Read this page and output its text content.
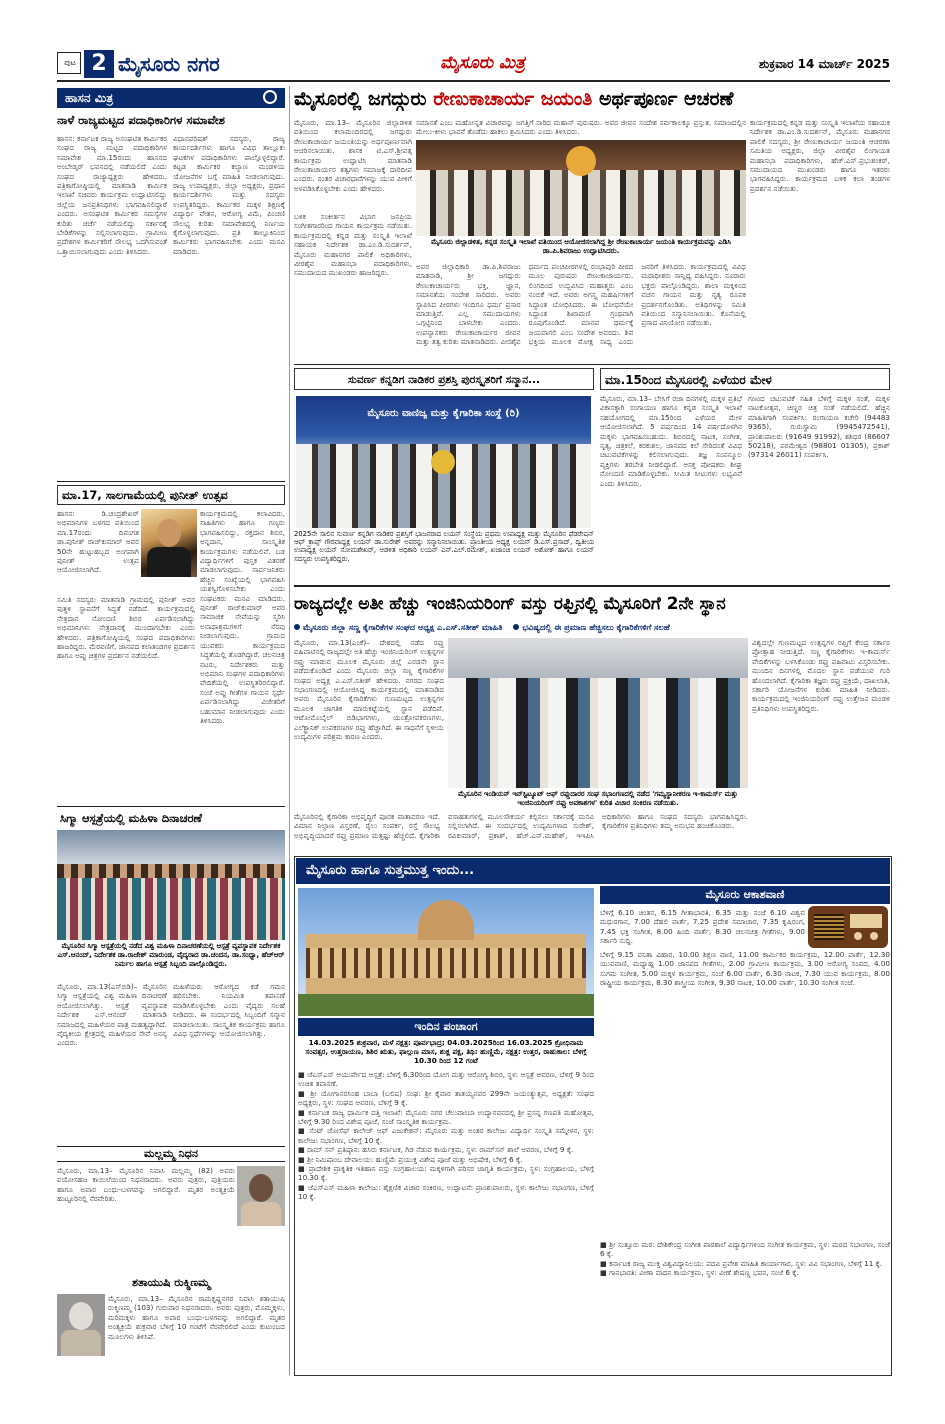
ಪುಟ 2 ಮೈಸೂರು ನಗರ	ಮೈಸೂರು ಮಿತ್ರ	ಶುಕ್ರವಾರ 14 ಮಾರ್ಚ್ 2025
ಹಾಸನ ಮಿತ್ರ
ನಾಳೆ ರಾಜ್ಯಮಟ್ಟದ ಪದಾಧಿಕಾರಿಗಳ ಸಮಾವೇಶ
ಹಾಸನ: ಕರ್ನಾಟಕ ರಾಜ್ಯ ಅಸಂಘಟಿತ ಕಾರ್ಮಿಕರ ಸಂಘದ ರಾಜ್ಯ ಮಟ್ಟದ ಪದಾಧಿಕಾರಿಗಳ ಸಮಾವೇಶ ಮಾ.15ರಂದು ಹಾಸನದ ಅಂಬೇಡ್ಕರ್ ಭವನದಲ್ಲಿ ನಡೆಯಲಿದೆ ಎಂದು ಸಂಘದ ರಾಜ್ಯಾಧ್ಯಕ್ಷರು ಹೇಳಿದರು. ಪತ್ರಿಕಾಗೋಷ್ಠಿಯಲ್ಲಿ ಮಾತನಾಡಿ ಕಾರ್ಮಿಕ ಇಲಾಖೆ ಸಚಿವರು ಕಾರ್ಯಕ್ರಮ ಉದ್ಘಾಟಿಸಲಿದ್ದು ಜಿಲ್ಲೆಯ ಜನಪ್ರತಿನಿಧಿಗಳು ಭಾಗವಹಿಸಲಿದ್ದಾರೆ ಎಂದರು. ಅಸಂಘಟಿತ ಕಾರ್ಮಿಕರ ಸಮಸ್ಯೆಗಳ ಕುರಿತು ಚರ್ಚೆ ನಡೆಯಲಿದ್ದು ಸರ್ಕಾರಕ್ಕೆ ಬೇಡಿಕೆಗಳನ್ನು ಸಲ್ಲಿಸಲಾಗುವುದು. ಗ್ರಾಮೀಣ ಪ್ರದೇಶಗಳ ಕಾರ್ಮಿಕರಿಗೆ ಸೌಲಭ್ಯ ಒದಗಿಸುವಂತೆ ಒತ್ತಾಯಿಸಲಾಗುವುದು ಎಂದು ತಿಳಿಸಿದರು.
ವಿಧಾನಪರಿಷತ್ ಸದಸ್ಯರು, ರಾಜ್ಯ ಕಾರ್ಯದರ್ಶಿಗಳು ಹಾಗೂ ವಿವಿಧ ತಾಲ್ಲೂಕು ಘಟಕಗಳ ಪದಾಧಿಕಾರಿಗಳು ಪಾಲ್ಗೊಳ್ಳಲಿದ್ದಾರೆ. ಕಟ್ಟಡ ಕಾರ್ಮಿಕರ ಕಲ್ಯಾಣ ಮಂಡಳಿಯ ಯೋಜನೆಗಳ ಬಗ್ಗೆ ಮಾಹಿತಿ ನೀಡಲಾಗುವುದು. ರಾಜ್ಯ ಉಪಾಧ್ಯಕ್ಷರು, ಜಿಲ್ಲಾ ಅಧ್ಯಕ್ಷರು, ಪ್ರಧಾನ ಕಾರ್ಯದರ್ಶಿಗಳು ಮತ್ತು ಸದಸ್ಯರು ಉಪಸ್ಥಿತರಿದ್ದರು. ಕಾರ್ಮಿಕರ ಮಕ್ಕಳ ಶಿಕ್ಷಣಕ್ಕೆ ವಿದ್ಯಾರ್ಥಿ ವೇತನ, ಆರೋಗ್ಯ ವಿಮೆ, ಪಿಂಚಣಿ ಸೌಲಭ್ಯ ಕುರಿತು ಸಮಾವೇಶದಲ್ಲಿ ನಿರ್ಣಯ ಕೈಗೊಳ್ಳಲಾಗುವುದು. ಪ್ರತಿ ತಾಲ್ಲೂಕಿನಿಂದ ಕಾರ್ಮಿಕರು ಭಾಗವಹಿಸಬೇಕು ಎಂದು ಮನವಿ ಮಾಡಿದರು.
ಮಾ.17, ಸಾಲಗಾಮೆಯಲ್ಲಿ ಪುನೀತ್ ಉತ್ಸವ
ಹಾಸನ: ಡಿ.ಚಂದ್ರಶೇಖರ್ ಅಭಿಮಾನಿಗಳ ಬಳಗದ ವತಿಯಿಂದ ಮಾ.17ರಂದು ದಿವಂಗತ ಡಾ.ಪುನೀತ್ ರಾಜ್‌ಕುಮಾರ್ ಅವರ 50ನೇ ಹುಟ್ಟುಹಬ್ಬದ ಅಂಗವಾಗಿ ಪುನೀತ್ ಉತ್ಸವ ಆಯೋಜಿಸಲಾಗಿದೆ.
ಕಾರ್ಯಕ್ರಮದಲ್ಲಿ ಕಲಾವಿದರು, ಸಾಹಿತಿಗಳು ಹಾಗೂ ಗಣ್ಯರು ಭಾಗವಹಿಸಲಿದ್ದು, ರಕ್ತದಾನ ಶಿಬಿರ, ಅನ್ನದಾನ, ಸಾಂಸ್ಕೃತಿಕ ಕಾರ್ಯಕ್ರಮಗಳು ನಡೆಯಲಿವೆ. ಬಡ ವಿದ್ಯಾರ್ಥಿಗಳಿಗೆ ಪುಸ್ತಕ ವಿತರಣೆ ಮಾಡಲಾಗುವುದು. ಸಾರ್ವಜನಿಕರು ಹೆಚ್ಚಿನ ಸಂಖ್ಯೆಯಲ್ಲಿ ಭಾಗವಹಿಸಿ ಯಶಸ್ವಿಗೊಳಿಸಬೇಕು ಎಂದು ಸಂಘಟಕರು ಮನವಿ ಮಾಡಿದರು. ಪುನೀತ್ ರಾಜ್‌ಕುಮಾರ್ ಅವರ ಸಾಮಾಜಿಕ ಸೇವೆಯನ್ನು ಸ್ಮರಿಸಿ ಅನಾಥಾಶ್ರಮಗಳಿಗೆ ನೆರವು ನೀಡಲಾಗುವುದು. ಗ್ರಾಮದ ಯುವಕರು ಕಾರ್ಯಕ್ರಮದ ಸಿದ್ಧತೆಯಲ್ಲಿ ತೊಡಗಿದ್ದಾರೆ. ಚಲನಚಿತ್ರ ನಟರು, ನಿರ್ದೇಶಕರು ಮತ್ತು ಅಭಿಮಾನಿ ಸಂಘಗಳ ಪದಾಧಿಕಾರಿಗಳು ವೇದಿಕೆಯಲ್ಲಿ ಉಪಸ್ಥಿತರಿರಲಿದ್ದಾರೆ. ಸಂಜೆ ಅಪ್ಪು ಗೀತೆಗಳ ಗಾಯನ ಸ್ಪರ್ಧೆ ಏರ್ಪಡಿಸಲಾಗಿದ್ದು ವಿಜೇತರಿಗೆ ಬಹುಮಾನ ನೀಡಲಾಗುವುದು ಎಂದು ತಿಳಿಸಿದರು.
ಸಮಿತಿ ಸದಸ್ಯರು ಮಾತನಾಡಿ ಗ್ರಾಮದಲ್ಲಿ ಪುನೀತ್ ಅವರ ಪುತ್ಥಳಿ ಸ್ಥಾಪನೆಗೆ ಸಿದ್ಧತೆ ನಡೆದಿದೆ. ಕಾರ್ಯಕ್ರಮದಲ್ಲಿ ನೇತ್ರದಾನ ನೋಂದಣಿ ಶಿಬಿರ ಏರ್ಪಡಿಸಲಾಗಿದ್ದು ಅಭಿಮಾನಿಗಳು ನೇತ್ರದಾನಕ್ಕೆ ಮುಂದಾಗಬೇಕು ಎಂದು ಹೇಳಿದರು. ಪತ್ರಿಕಾಗೋಷ್ಠಿಯಲ್ಲಿ ಸಂಘದ ಪದಾಧಿಕಾರಿಗಳು ಹಾಜರಿದ್ದರು. ಮೆರವಣಿಗೆ, ಜಾನಪದ ಕಲಾತಂಡಗಳ ಪ್ರದರ್ಶನ ಹಾಗೂ ಅಪ್ಪು ಚಿತ್ರಗಳ ಪ್ರದರ್ಶನ ನಡೆಯಲಿದೆ.
ಸಿಗ್ಮಾ ಆಸ್ಪತ್ರೆಯಲ್ಲಿ ಮಹಿಳಾ ದಿನಾಚರಣೆ
ಮೈಸೂರಿನ ಸಿಗ್ಮಾ ಆಸ್ಪತ್ರೆಯಲ್ಲಿ ನಡೆದ ವಿಶ್ವ ಮಹಿಳಾ ದಿನಾಚರಣೆಯಲ್ಲಿ ಆಸ್ಪತ್ರೆ ವ್ಯವಸ್ಥಾಪಕ ನಿರ್ದೇಶಕ ಎಸ್.ಆನಂದ್, ನಿರ್ದೇಶಕ ಡಾ.ರಾಜೇಶ್ ಮಾರುಂಡ, ವೈದ್ಯರಾದ ಡಾ.ಚಂದನ, ಡಾ.ಸಂಧ್ಯಾ, ಹೆಚ್‌ಆರ್ ನಿರ್ಮಲ ಹಾಗೂ ಆಸ್ಪತ್ರೆ ಸಿಬ್ಬಂದಿ ಪಾಲ್ಗೊಂಡಿದ್ದರು.
ಮೈಸೂರು, ಮಾ.13(ಎಸ್‌ಬಿಡಿ)– ಮೈಸೂರಿನ ಸಿಗ್ಮಾ ಆಸ್ಪತ್ರೆಯಲ್ಲಿ ವಿಶ್ವ ಮಹಿಳಾ ದಿನಾಚರಣೆ ಆಯೋಜಿಸಲಾಗಿತ್ತು. ಆಸ್ಪತ್ರೆ ವ್ಯವಸ್ಥಾಪಕ ನಿರ್ದೇಶಕ ಎಸ್.ಆನಂದ್ ಮಾತನಾಡಿ ಸಮಾಜದಲ್ಲಿ ಮಹಿಳೆಯರ ಪಾತ್ರ ಮಹತ್ವದ್ದಾಗಿದೆ. ವೈದ್ಯಕೀಯ ಕ್ಷೇತ್ರದಲ್ಲಿ ಮಹಿಳೆಯರ ಸೇವೆ ಅನನ್ಯ ಎಂದರು.
ಮಹಿಳೆಯರು ಆರೋಗ್ಯದ ಕಡೆ ಗಮನ ಹರಿಸಬೇಕು. ನಿಯಮಿತ ತಪಾಸಣೆ ಮಾಡಿಸಿಕೊಳ್ಳಬೇಕು ಎಂದು ವೈದ್ಯರು ಸಲಹೆ ನೀಡಿದರು. ಈ ಸಂದರ್ಭದಲ್ಲಿ ಸಿಬ್ಬಂದಿಗೆ ಸನ್ಮಾನ ಮಾಡಲಾಯಿತು. ಸಾಂಸ್ಕೃತಿಕ ಕಾರ್ಯಕ್ರಮ ಹಾಗೂ ವಿವಿಧ ಸ್ಪರ್ಧೆಗಳನ್ನು ಆಯೋಜಿಸಲಾಗಿತ್ತು.
ಮಲ್ಲಮ್ಮ ನಿಧನ
ಮೈಸೂರು, ಮಾ.13– ಮೈಸೂರಿನ ನಿವಾಸಿ ಮಲ್ಲಮ್ಮ (82) ಅವರು ವಯೋಸಹಜ ಕಾಯಿಲೆಯಿಂದ ನಿಧನರಾದರು. ಅವರು ಪುತ್ರರು, ಪುತ್ರಿಯರು ಹಾಗೂ ಅಪಾರ ಬಂಧು-ಬಳಗವನ್ನು ಅಗಲಿದ್ದಾರೆ. ಮೃತರ ಅಂತ್ಯಕ್ರಿಯೆ ಹುಟ್ಟೂರಿನಲ್ಲಿ ನೆರವೇರಿತು.
ಶತಾಯುಷಿ ರುಕ್ಮಿಣಮ್ಮ
ಮೈಸೂರು, ಮಾ.13– ಮೈಸೂರಿನ ರಾಮಕೃಷ್ಣನಗರ ನಿವಾಸಿ ಶತಾಯುಷಿ ರುಕ್ಮಿಣಮ್ಮ (103) ಗುರುವಾರ ನಿಧನರಾದರು. ಅವರು ಪುತ್ರರು, ಮೊಮ್ಮಕ್ಕಳು, ಮರಿಮಕ್ಕಳು ಹಾಗೂ ಅಪಾರ ಬಂಧು-ಬಳಗವನ್ನು ಅಗಲಿದ್ದಾರೆ. ಮೃತರ ಅಂತ್ಯಕ್ರಿಯೆ ಶುಕ್ರವಾರ ಬೆಳಿಗ್ಗೆ 10 ಗಂಟೆಗೆ ನೆರವೇರಲಿದೆ ಎಂದು ಕುಟುಂಬದ ಮೂಲಗಳು ತಿಳಿಸಿವೆ.
ಮೈಸೂರಲ್ಲಿ ಜಗದ್ಗುರು ರೇಣುಕಾಚಾರ್ಯ ಜಯಂತಿ ಅರ್ಥಪೂರ್ಣ ಆಚರಣೆ
ಮೈಸೂರು, ಮಾ.13– ಮೈಸೂರಿನ ಜಿಲ್ಲಾಡಳಿತ ವತಿಯಿಂದ ಕಲಾಮಂದಿರದಲ್ಲಿ ಜಗದ್ಗುರು ರೇಣುಕಾಚಾರ್ಯ ಜಯಂತಿಯನ್ನು ಅರ್ಥಪೂರ್ಣವಾಗಿ ಆಚರಿಸಲಾಯಿತು. ಶಾಸಕ ಟಿ.ಎಸ್.ಶ್ರೀವತ್ಸ ಕಾರ್ಯಕ್ರಮ ಉದ್ಘಾಟಿಸಿ ಮಾತನಾಡಿ ರೇಣುಕಾಚಾರ್ಯರ ತತ್ವಗಳು ಸಮಾಜಕ್ಕೆ ದಾರಿದೀಪ ಎಂದರು. ಸಂತರ ವಿಚಾರಧಾರೆಗಳನ್ನು ಯುವ ಪೀಳಿಗೆ ಅಳವಡಿಸಿಕೊಳ್ಳಬೇಕು ಎಂದು ಹೇಳಿದರು.
ಸಮಾನತೆ ಎಂಬ ಮಹೋನ್ನತ ವಿಚಾರವನ್ನು ಜಗತ್ತಿಗೆ ಸಾರಿದ ಮಹಾನ್ ಪುರುಷರು. ಅವರ ಜೀವನ ಸಂದೇಶ ಸರ್ವಕಾಲಕ್ಕೂ ಪ್ರಸ್ತುತ. ಸಮಾಜದಲ್ಲಿನ ಮೇಲು-ಕೀಳು ಭಾವನೆ ತೊಡೆದು ಹಾಕಲು ಶ್ರಮಿಸಿದರು ಎಂದು ತಿಳಿಸಿದರು.
ಮೈಸೂರು ಜಿಲ್ಲಾಡಳಿತ, ಕನ್ನಡ ಸಂಸ್ಕೃತಿ ಇಲಾಖೆ ವತಿಯಿಂದ ಆಯೋಜಿಸಲಾಗಿದ್ದ ಶ್ರೀ ರೇಣುಕಾಚಾರ್ಯ ಜಯಂತಿ ಕಾರ್ಯಕ್ರಮವನ್ನು ಎಡಿಸಿ ಡಾ.ಪಿ.ಶಿವರಾಜು ಉದ್ಘಾಟಿಸಿದರು.
ಬಳಿಕ ಸಂಕೀರ್ತನ ವಿಭಾಗ ಜನಪ್ರಿಯ ಸಂಗೀತಗಾರರಿಂದ ಗಾಯನ ಕಾರ್ಯಕ್ರಮ ನಡೆಯಿತು. ಕಾರ್ಯಕ್ರಮದಲ್ಲಿ ಕನ್ನಡ ಮತ್ತು ಸಂಸ್ಕೃತಿ ಇಲಾಖೆ ಸಹಾಯಕ ನಿರ್ದೇಶಕ ಡಾ.ಎಂ.ಡಿ.ಸುದರ್ಶನ್, ಮೈಸೂರು ಮಹಾನಗರ ಪಾಲಿಕೆ ಅಧಿಕಾರಿಗಳು, ವೀರಶೈವ ಮಹಾಸಭಾ ಪದಾಧಿಕಾರಿಗಳು, ಸಮುದಾಯದ ಮುಖಂಡರು ಹಾಜರಿದ್ದರು.
ಅಪರ ಜಿಲ್ಲಾಧಿಕಾರಿ ಡಾ.ಪಿ.ಶಿವರಾಜು ಮಾತನಾಡಿ, ಶ್ರೀ ಜಗದ್ಗುರು ರೇಣುಕಾಚಾರ್ಯರು ಭಕ್ತಿ, ಜ್ಞಾನ, ಸಮಾನತೆಯ ಸಂದೇಶ ಸಾರಿದರು. ಅವರು ಸ್ಥಾಪಿಸಿದ ಪೀಠಗಳು ಇಂದಿಗೂ ಧರ್ಮ ಪ್ರಸಾರ ಮಾಡುತ್ತಿವೆ. ಎಲ್ಲ ಸಮುದಾಯಗಳು ಒಗ್ಗಟ್ಟಿನಿಂದ ಬಾಳಬೇಕು ಎಂದರು. ಉಪನ್ಯಾಸಕರು ರೇಣುಕಾಚಾರ್ಯರ ಜೀವನ ಮತ್ತು ತತ್ವ ಕುರಿತು ಮಾತನಾಡಿದರು. ವೀರಶೈವ ಧರ್ಮದ ಪಂಚಪೀಠಗಳಲ್ಲಿ ರಂಭಾಪುರಿ ಪೀಠದ ಮೂಲ ಪುರುಷರು ರೇಣುಕಾಚಾರ್ಯರು. ಲಿಂಗದಿಂದ ಉದ್ಭವಿಸಿದ ಮಹಾತ್ಮರು ಎಂಬ ನಂಬಿಕೆ ಇದೆ. ಅವರು ಅಗಸ್ತ್ಯ ಮಹರ್ಷಿಗಳಿಗೆ ಸಿದ್ಧಾಂತ ಬೋಧಿಸಿದರು. ಈ ಬೋಧನೆಯೇ ಸಿದ್ಧಾಂತ ಶಿಖಾಮಣಿ ಗ್ರಂಥವಾಗಿ ರೂಪುಗೊಂಡಿದೆ. ಮಾನವ ಧರ್ಮಕ್ಕೆ ಜಯವಾಗಲಿ ಎಂಬ ಸಂದೇಶ ಅವರದು. ಶಿವ ಭಕ್ತಿಯ ಮೂಲಕ ಮೋಕ್ಷ ಸಾಧ್ಯ ಎಂದು ಜನರಿಗೆ ತಿಳಿಸಿದರು. ಕಾರ್ಯಕ್ರಮದಲ್ಲಿ ವಿವಿಧ ಮಠಾಧೀಶರು ಸಾನ್ನಿಧ್ಯ ವಹಿಸಿದ್ದರು. ನೂರಾರು ಭಕ್ತರು ಪಾಲ್ಗೊಂಡಿದ್ದರು. ಶಾಲಾ ಮಕ್ಕಳಿಂದ ವಚನ ಗಾಯನ ಮತ್ತು ನೃತ್ಯ ರೂಪಕ ಪ್ರದರ್ಶನಗೊಂಡಿತು. ಅತಿಥಿಗಳನ್ನು ಸಮಿತಿ ವತಿಯಿಂದ ಸನ್ಮಾನಿಸಲಾಯಿತು. ಕೊನೆಯಲ್ಲಿ ಪ್ರಸಾದ ವಿನಿಯೋಗ ನಡೆಯಿತು.
ಕಾರ್ಯಕ್ರಮದಲ್ಲಿ ಕನ್ನಡ ಮತ್ತು ಸಂಸ್ಕೃತಿ ಇಲಾಖೆಯ ಸಹಾಯಕ ನಿರ್ದೇಶಕ ಡಾ.ಎಂ.ಡಿ.ಸುದರ್ಶನ್, ಮೈಸೂರು ಮಹಾನಗರ ಪಾಲಿಕೆ ಸದಸ್ಯರು, ಶ್ರೀ ರೇಣುಕಾಚಾರ್ಯ ಜಯಂತಿ ಆಚರಣಾ ಸಮಿತಿಯ ಅಧ್ಯಕ್ಷರು, ಜಿಲ್ಲಾ ವೀರಶೈವ ಲಿಂಗಾಯತ ಮಹಾಸಭಾ ಪದಾಧಿಕಾರಿಗಳು, ಹೆಚ್.ಎಸ್.ಪ್ರಭುಶಂಕರ್, ಸಮುದಾಯದ ಮುಖಂಡರು ಹಾಗೂ ಇತರರು ಭಾಗವಹಿಸಿದ್ದರು. ಕಾರ್ಯಕ್ರಮದ ಬಳಿಕ ಕಲಾ ತಂಡಗಳ ಪ್ರದರ್ಶನ ನಡೆಯಿತು.
ಸುವರ್ಣ ಕನ್ನಡಿಗ ನಾಡಿಕರ ಪ್ರಶಸ್ತಿ ಪುರಸ್ಕೃತರಿಗೆ ಸನ್ಮಾನ...
ಮೈಸೂರು ವಾಣಿಜ್ಯ ಮತ್ತು ಕೈಗಾರಿಕಾ ಸಂಸ್ಥೆ (ರಿ)
2025ನೇ ಸಾಲಿನ ಸುವರ್ಣ ಕನ್ನಡಿಗ ನಾಡಿಕರ ಪ್ರಶಸ್ತಿಗೆ ಭಾಜನರಾದ ಲಯನ್ ಸಂಸ್ಥೆಯ ಪ್ರಥಮ ಉಪಾಧ್ಯಕ್ಷ ಮತ್ತು ಮೈಸೂರಿನ ಫೆಡರೇಷನ್ ಆಫ್ ಕ್ರಾಪ್ಸ್ ಗೌರವಾಧ್ಯಕ್ಷ ಲಯನ್ ಡಾ.ಸುರೇಶ್ ಅವರನ್ನು ಸನ್ಮಾನಿಸಲಾಯಿತು. ಪ್ರಾಂತೀಯ ಅಧ್ಯಕ್ಷ ಲಯನ್ ಡಿ.ಎಸ್.ಪ್ರಸಾದ್, ದ್ವಿತೀಯ ಉಪಾಧ್ಯಕ್ಷ ಲಯನ್ ಸೋಮಶೇಖರ್, ಆಡಳಿತ ಅಧಿಕಾರಿ ಲಯನ್ ಎನ್.ಎಲ್.ರಮೇಶ್, ಖಜಾಂಚಿ ಲಯನ್ ಅಶೋಕ್ ಹಾಗೂ ಲಯನ್ ಸದಸ್ಯರು ಉಪಸ್ಥಿತರಿದ್ದರು.
ಮಾ.15ರಿಂದ ಮೈಸೂರಲ್ಲಿ ಎಳೆಯರ ಮೇಳ
ಮೈಸೂರು, ಮಾ.13– ಬೇಸಿಗೆ ರಜಾ ದಿನಗಳಲ್ಲಿ ಮಕ್ಕಳ ಪ್ರತಿಭೆ ವಿಕಾಸಕ್ಕಾಗಿ ರಂಗಾಯಣ ಹಾಗೂ ಕನ್ನಡ ಸಂಸ್ಕೃತಿ ಇಲಾಖೆ ಸಹಯೋಗದಲ್ಲಿ ಮಾ.15ರಿಂದ ಎಳೆಯರ ಮೇಳ ಆಯೋಜಿಸಲಾಗಿದೆ. 5 ವರ್ಷದಿಂದ 14 ವರ್ಷದೊಳಗಿನ ಮಕ್ಕಳು ಭಾಗವಹಿಸಬಹುದು. ಶಿಬಿರದಲ್ಲಿ ನಾಟಕ, ಸಂಗೀತ, ನೃತ್ಯ, ಚಿತ್ರಕಲೆ, ಕರಕುಶಲ, ಜಾನಪದ ಕಲೆ ಸೇರಿದಂತೆ ವಿವಿಧ ಚಟುವಟಿಕೆಗಳನ್ನು ಕಲಿಸಲಾಗುವುದು. ತಜ್ಞ ಸಂಪನ್ಮೂಲ ವ್ಯಕ್ತಿಗಳು ತರಬೇತಿ ನೀಡಲಿದ್ದಾರೆ. ಆಸಕ್ತ ಪೋಷಕರು ಶೀಘ್ರ ನೋಂದಣಿ ಮಾಡಿಕೊಳ್ಳಬೇಕು. ಸೀಮಿತ ಸೀಟುಗಳು ಲಭ್ಯವಿವೆ ಎಂದು ತಿಳಿಸಿದರು.
ಗಣಂದ ಚಟುವಟಿಕೆ ಸಹಿತ ಬೆಳಿಗ್ಗೆ ಮಕ್ಕಳ ಸಂತೆ, ಮಕ್ಕಳ ನಾಟಕೋತ್ಸವ, ಚಿಣ್ಣರ ಚಿತ್ರ ಸಂತೆ ನಡೆಯಲಿದೆ. ಹೆಚ್ಚಿನ ಮಾಹಿತಿಗಾಗಿ ಸಂಪರ್ಕಿಸಿ: ರಂಗಾಯಣ ಕಚೇರಿ (94483 9365), ಗುರುಸ್ವಾಮಿ (9945472541), ಪ್ರಾಂಶುಪಾಲರು (91649 91992), ಶಶಿಧರ (86607 50218), ಪರಮೇಶ್ವರ (98801 01305), ಪ್ರಕಾಶ್ (97314 26011) ಸಂಪರ್ಕಿಸಿ.
ರಾಜ್ಯದಲ್ಲೇ ಅತೀ ಹೆಚ್ಚು ಇಂಜಿನಿಯರಿಂಗ್ ವಸ್ತು ರಫ್ತಿನಲ್ಲಿ ಮೈಸೂರಿಗೆ 2ನೇ ಸ್ಥಾನ
ಮೈಸೂರು ಜಿಲ್ಲಾ ಸಣ್ಣ ಕೈಗಾರಿಕೆಗಳ ಸಂಘದ ಅಧ್ಯಕ್ಷ ಎ.ಎಸ್.ಸತೀಶ್ ಮಾಹಿತಿ ಭವಿಷ್ಯದಲ್ಲಿ ಈ ಪ್ರಮಾಣ ಹೆಚ್ಚಿಸಲು ಕೈಗಾರಿಕೆಗಳಿಗೆ ಸಲಹೆ
ಮೈಸೂರು, ಮಾ.13(ಎಂಕೆ)– ದೇಶದಲ್ಲಿ ನಡೆದ ರಫ್ತು ವಹಿವಾಟಿನಲ್ಲಿ ರಾಜ್ಯದಲ್ಲೇ ಅತಿ ಹೆಚ್ಚು ಇಂಜಿನಿಯರಿಂಗ್ ಉತ್ಪನ್ನಗಳ ರಫ್ತು ಮಾಡುವ ಮೂಲಕ ಮೈಸೂರು ಜಿಲ್ಲೆ ಎರಡನೇ ಸ್ಥಾನ ಪಡೆದುಕೊಂಡಿದೆ ಎಂದು ಮೈಸೂರು ಜಿಲ್ಲಾ ಸಣ್ಣ ಕೈಗಾರಿಕೆಗಳ ಸಂಘದ ಅಧ್ಯಕ್ಷ ಎ.ಎಸ್.ಸತೀಶ್ ಹೇಳಿದರು. ನಗರದ ಸಂಘದ ಸಭಾಂಗಣದಲ್ಲಿ ಆಯೋಜಿಸಿದ್ದ ಕಾರ್ಯಕ್ರಮದಲ್ಲಿ ಮಾತನಾಡಿದ ಅವರು ಮೈಸೂರಿನ ಕೈಗಾರಿಕೆಗಳು ಗುಣಮಟ್ಟದ ಉತ್ಪನ್ನಗಳ ಮೂಲಕ ಜಾಗತಿಕ ಮಾರುಕಟ್ಟೆಯಲ್ಲಿ ಸ್ಥಾನ ಪಡೆದಿವೆ. ಆಟೋಮೊಬೈಲ್ ಬಿಡಿಭಾಗಗಳು, ಯಂತ್ರೋಪಕರಣಗಳು, ಎಲೆಕ್ಟ್ರಾನಿಕ್ ಉಪಕರಣಗಳ ರಫ್ತು ಹೆಚ್ಚಾಗಿದೆ. ಈ ಸಾಧನೆಗೆ ಸ್ಥಳೀಯ ಉದ್ಯಮಿಗಳ ಪರಿಶ್ರಮ ಕಾರಣ ಎಂದರು.
ಮೈಸೂರಿನ ಇಂಡಿಯನ್ ಇನ್‌ಸ್ಟಿಟ್ಯೂಟ್ ಆಫ್ ರಫ್ತುದಾರರ ಸಂಘ ಸಭಾಂಗಣದಲ್ಲಿ ನಡೆದ 'ಗಮ್ಯಸ್ಥಾನೀಕರಣ ಇ-ಕಾಮರ್ಸ್ ಮತ್ತು ಇಂಜಿನಿಯರಿಂಗ್ ರಫ್ತು ಅವಕಾಶಗಳ' ಕುರಿತ ವಿಚಾರ ಸಂಕಿರಣ ನಡೆಯಿತು.
ವಿಶ್ವದಲ್ಲೇ ಗುಣಮಟ್ಟದ ಉತ್ಪನ್ನಗಳ ರಫ್ತಿಗೆ ಕೇಂದ್ರ ಸರ್ಕಾರ ಪ್ರೋತ್ಸಾಹ ನೀಡುತ್ತಿದೆ. ಸಣ್ಣ ಕೈಗಾರಿಕೆಗಳು ಇ-ಕಾಮರ್ಸ್ ವೇದಿಕೆಗಳನ್ನು ಬಳಸಿಕೊಂಡು ರಫ್ತು ವಹಿವಾಟು ವಿಸ್ತರಿಸಬೇಕು. ಮುಂದಿನ ದಿನಗಳಲ್ಲಿ ಮೊದಲ ಸ್ಥಾನ ಪಡೆಯುವ ಗುರಿ ಹೊಂದಲಾಗಿದೆ. ಕೈಗಾರಿಕಾ ತಜ್ಞರು ರಫ್ತು ಪ್ರಕ್ರಿಯೆ, ದಾಖಲಾತಿ, ಸರ್ಕಾರಿ ಯೋಜನೆಗಳ ಕುರಿತು ಮಾಹಿತಿ ನೀಡಿದರು. ಕಾರ್ಯಕ್ರಮದಲ್ಲಿ ಇಂಜಿನಿಯರಿಂಗ್ ರಫ್ತು ಉತ್ತೇಜನ ಮಂಡಳಿ ಪ್ರತಿನಿಧಿಗಳು ಉಪಸ್ಥಿತರಿದ್ದರು.
ಮೈಸೂರಿನಲ್ಲಿ ಕೈಗಾರಿಕಾ ಅಭಿವೃದ್ಧಿಗೆ ಪೂರಕ ವಾತಾವರಣ ಇದೆ. ವಿಮಾನ ನಿಲ್ದಾಣ ವಿಸ್ತರಣೆ, ರೈಲು ಸಂಪರ್ಕ, ರಸ್ತೆ ಸೌಲಭ್ಯ ಅಭಿವೃದ್ಧಿಯಾದರೆ ರಫ್ತು ಪ್ರಮಾಣ ಮತ್ತಷ್ಟು ಹೆಚ್ಚಲಿದೆ. ಕೈಗಾರಿಕಾ ವಸಾಹತುಗಳಲ್ಲಿ ಮೂಲಸೌಕರ್ಯ ಕಲ್ಪಿಸಲು ಸರ್ಕಾರಕ್ಕೆ ಮನವಿ ಸಲ್ಲಿಸಲಾಗಿದೆ. ಈ ಸಂದರ್ಭದಲ್ಲಿ ಉದ್ಯಮಿಗಳಾದ ಸುರೇಶ್, ರವಿಕುಮಾರ್, ಪ್ರಕಾಶ್, ಹೆಚ್.ಎನ್.ಮಹೇಶ್, ಇಇಪಿಸಿ ಅಧಿಕಾರಿಗಳು ಹಾಗೂ ಸಂಘದ ಸದಸ್ಯರು ಭಾಗವಹಿಸಿದ್ದರು. ಕೈಗಾರಿಕೆಗಳ ಪ್ರತಿನಿಧಿಗಳು ತಮ್ಮ ಅನುಭವ ಹಂಚಿಕೊಂಡರು.
ಮೈಸೂರು ಹಾಗೂ ಸುತ್ತಮುತ್ತ ಇಂದು...
ಇಂದಿನ ಪಂಚಾಂಗ
14.03.2025 ಶುಕ್ರವಾರ, ಮಳೆ ನಕ್ಷತ್ರ: ಪೂರ್ವಭಾದ್ರ; 04.03.2025ರಿಂದ 16.03.2025 ಕ್ರೋಧಿನಾಮ ಸಂವತ್ಸರ, ಉತ್ತರಾಯಣ, ಶಿಶಿರ ಋತು, ಫಾಲ್ಗುಣ ಮಾಸ, ಶುಕ್ಲ ಪಕ್ಷ, ತಿಥಿ: ಹುಣ್ಣಿಮೆ, ನಕ್ಷತ್ರ: ಉತ್ತರ, ರಾಹುಕಾಲ: ಬೆಳಿಗ್ಗೆ 10.30 ರಿಂದ 12 ಗಂಟೆ
■ ಜೆಎಸ್‌ಎಸ್ ಆಯುರ್ವೇದ ಆಸ್ಪತ್ರೆ: ಬೆಳಿಗ್ಗೆ 6.30ರಿಂದ ಯೋಗ ಮತ್ತು ಆರೋಗ್ಯ ಶಿಬಿರ, ಸ್ಥಳ: ಆಸ್ಪತ್ರೆ ಆವರಣ, ಬೆಳಿಗ್ಗೆ 9 ರಿಂದ ಉಚಿತ ತಪಾಸಣೆ.
■ ಶ್ರೀ ಯೋಗಾನರಸಿಂಹ ಬಾಬಾ (ಬಲಿಷ) ಸಂಘ: ಶ್ರೀ ಕೈವಾರ ತಾತಯ್ಯನವರ 299ನೇ ಜಯಂತ್ಯುತ್ಸವ, ಅಧ್ಯಕ್ಷತೆ: ಸಂಘದ ಅಧ್ಯಕ್ಷರು, ಸ್ಥಳ: ಸಂಘದ ಆವರಣ, ಬೆಳಿಗ್ಗೆ 9 ಕ್ಕೆ.
■ ಕರ್ನಾಟಕ ರಾಜ್ಯ ಧಾರ್ಮಿಕ ದತ್ತಿ ಇಲಾಖೆ: ಮೈಸೂರು ನಗರ ಚೆಲುವಾಂಬಾ ಉದ್ಯಾನವನದಲ್ಲಿ ಶ್ರೀ ಪ್ರಸನ್ನ ಗಣಪತಿ ಮಹೋತ್ಸವ, ಬೆಳಿಗ್ಗೆ 9.30 ರಿಂದ ವಿಶೇಷ ಪೂಜೆ, ಸಂಜೆ ಸಾಂಸ್ಕೃತಿಕ ಕಾರ್ಯಕ್ರಮ.
■ ಸೆಂಟ್ ಜೋಸೆಫ್ ಕಾಲೇಜ್ ಆಫ್ ಎಜುಕೇಶನ್: ಮೈಸೂರು ಮತ್ತು ಅಂತರ ಕಾಲೇಜು ವಿದ್ಯಾರ್ಥಿ ಸಂಸ್ಕೃತಿ ಸಮ್ಮೇಳನ, ಸ್ಥಳ: ಕಾಲೇಜು ಸಭಾಂಗಣ, ಬೆಳಿಗ್ಗೆ 10 ಕ್ಕೆ.
■ ರಾಮ್ ಸನ್ ಪ್ರತಿಷ್ಠಾನ: ಹಸಿರು ಕರ್ನಾಟಕ, ಗಿಡ ನೆಡುವ ಕಾರ್ಯಕ್ರಮ, ಸ್ಥಳ: ರಾಮ್‌ಸನ್ ಶಾಲೆ ಆವರಣ, ಬೆಳಿಗ್ಗೆ 9 ಕ್ಕೆ.
■ ಶ್ರೀ ನಿಮಿಷಾಂಬ ದೇವಾಲಯ: ಹುಣ್ಣಿಮೆ ಪ್ರಯುಕ್ತ ವಿಶೇಷ ಪೂಜೆ ಮತ್ತು ಅಭಿಷೇಕ, ಬೆಳಿಗ್ಗೆ 6 ಕ್ಕೆ.
■ ಪ್ರಾದೇಶಿಕ ಪ್ರಾಕೃತಿಕ ಇತಿಹಾಸ ವಸ್ತು ಸಂಗ್ರಹಾಲಯ: ಮಕ್ಕಳಿಗಾಗಿ ಪರಿಸರ ಜಾಗೃತಿ ಕಾರ್ಯಕ್ರಮ, ಸ್ಥಳ: ಸಂಗ್ರಹಾಲಯ, ಬೆಳಿಗ್ಗೆ 10.30 ಕ್ಕೆ.
■ ಜೆಎಸ್‌ಎಸ್ ಮಹಿಳಾ ಕಾಲೇಜು: ಶೈಕ್ಷಣಿಕ ವಿಚಾರ ಸಂಕಿರಣ, ಉದ್ಘಾಟನೆ: ಪ್ರಾಂಶುಪಾಲರು, ಸ್ಥಳ: ಕಾಲೇಜು ಸಭಾಂಗಣ, ಬೆಳಿಗ್ಗೆ 10 ಕ್ಕೆ.
■ ಶ್ರೀ ಸುತ್ತೂರು ಮಠ: ದೇಶಿಕೇಂದ್ರ ಸಂಗೀತ ಪಾಠಶಾಲೆ ವಿದ್ಯಾರ್ಥಿಗಳಿಂದ ಸಂಗೀತ ಕಾರ್ಯಕ್ರಮ, ಸ್ಥಳ: ಮಠದ ಸಭಾಂಗಣ, ಸಂಜೆ 6 ಕ್ಕೆ.
■ ಕರ್ನಾಟಕ ರಾಜ್ಯ ಮುಕ್ತ ವಿಶ್ವವಿದ್ಯಾನಿಲಯ: ಪದವಿ ಪ್ರವೇಶ ಮಾಹಿತಿ ಕಾರ್ಯಾಗಾರ, ಸ್ಥಳ: ವಿವಿ ಸಭಾಂಗಣ, ಬೆಳಿಗ್ಗೆ 11 ಕ್ಕೆ.
■ ಗಾನಭಾರತಿ: ವೀಣಾ ವಾದನ ಕಾರ್ಯಕ್ರಮ, ಸ್ಥಳ: ವೀಣೆ ಶೇಷಣ್ಣ ಭವನ, ಸಂಜೆ 6 ಕ್ಕೆ.
ಮೈಸೂರು ಆಕಾಶವಾಣಿ
ಬೆಳಿಗ್ಗೆ 6.10 ಚಿಂತನ, 6.15 ಗೀತಾಭಾರತಿ, 6.35 ಮತ್ತು ಸಂಜೆ 6.10 ವಿಶ್ವವ ಮಧುರಗಾನ, 7.00 ದೆಹಲಿ ವಾರ್ತೆ, 7.25 ಪ್ರದೇಶ ಸಮಾಚಾರ, 7.35 ಕೃಷಿರಂಗ, 7.45 ಭಕ್ತಿ ಸಂಗೀತ, 8.00 ಹಿಂದಿ ವಾರ್ತೆ, 8.30 ಚಲನಚಿತ್ರ ಗೀತೆಗಳು, 9.00 ಸರ್ಕಾರಿ ಸುದ್ದಿ.
ಬೆಳಿಗ್ಗೆ 9.15 ವನಿತಾ ವಿಹಾರ, 10.00 ಶಿಕ್ಷಣ ವಾಣಿ, 11.00 ಕಾರ್ಮಿಕರ ಕಾರ್ಯಕ್ರಮ, 12.00 ವಾರ್ತೆ, 12.30 ಯುವವಾಣಿ, ಮಧ್ಯಾಹ್ನ 1.00 ಜಾನಪದ ಗೀತೆಗಳು, 2.00 ಗ್ರಾಮೀಣ ಕಾರ್ಯಕ್ರಮ, 3.00 ಆರೋಗ್ಯ ಸಂಪದ, 4.00 ಸುಗಮ ಸಂಗೀತ, 5.00 ಮಕ್ಕಳ ಕಾರ್ಯಕ್ರಮ, ಸಂಜೆ 6.00 ವಾರ್ತೆ, 6.30 ನಾಟಕ, 7.30 ಯುವ ಕಾರ್ಯಕ್ರಮ, 8.00 ರಾಷ್ಟ್ರೀಯ ಕಾರ್ಯಕ್ರಮ, 8.30 ಶಾಸ್ತ್ರೀಯ ಸಂಗೀತ, 9.30 ನಾಟಕ, 10.00 ವಾರ್ತೆ, 10.30 ಸಂಗೀತ ಸಂಜೆ.
